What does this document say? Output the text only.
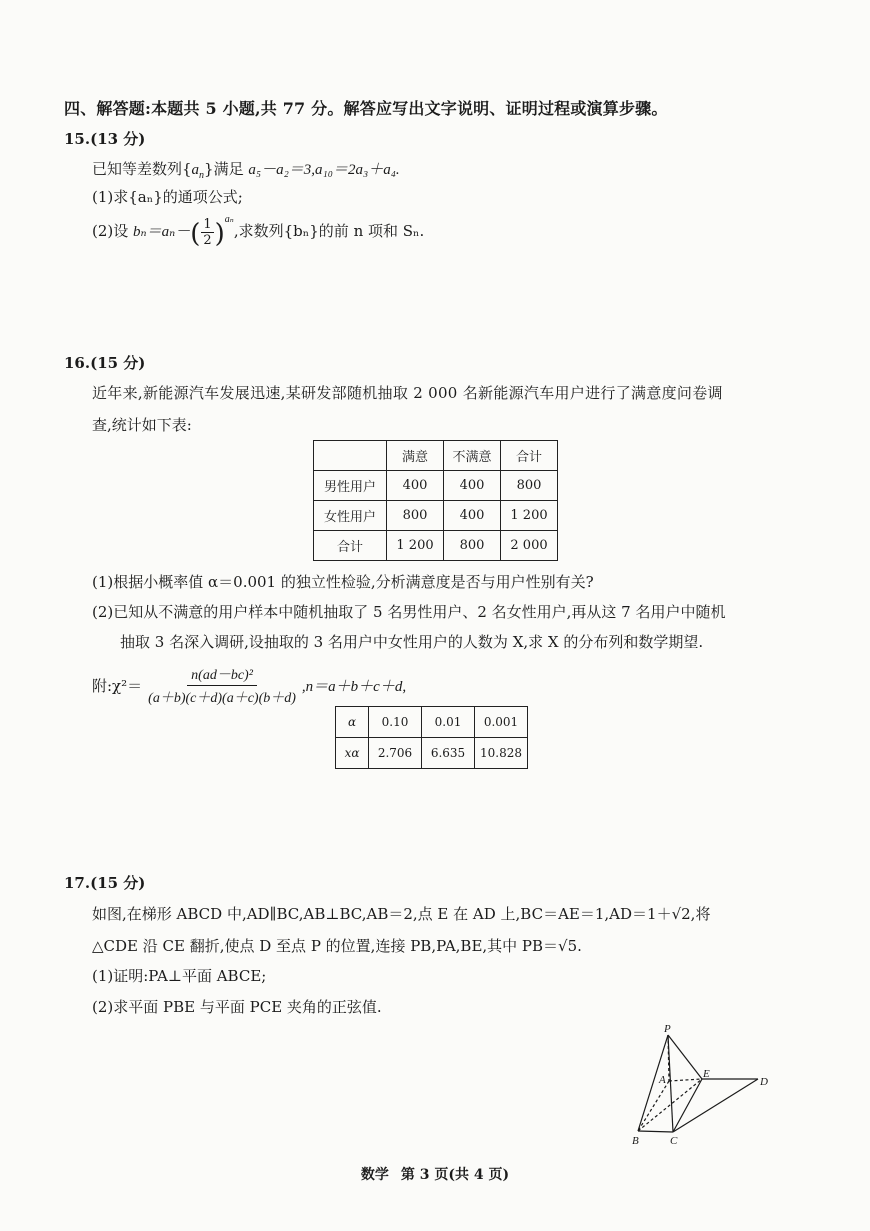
四、解答题:本题共 5 小题,共 77 分。解答应写出文字说明、证明过程或演算步骤。
15.(13 分)
已知等差数列$\{a_n\}$满足 a₅－a₂＝3,a₁₀＝2a₃＋a₄.
(1)求{aₙ}的通项公式;
(2)设 $b_n=a_n-( \frac{1}{2} )^{a_n}$,求数列{bₙ}的前 n 项和 Sₙ.
16.(15 分)
近年来,新能源汽车发展迅速,某研发部随机抽取 2 000 名新能源汽车用户进行了满意度问卷调
查,统计如下表:
	满意	不满意	合计
男性用户	400	400	800
女性用户	800	400	1 200
合计	1 200	800	2 000
(1)根据小概率值 α＝0.001 的独立性检验,分析满意度是否与用户性别有关?
(2)已知从不满意的用户样本中随机抽取了 5 名男性用户、2 名女性用户,再从这 7 名用户中随机
抽取 3 名深入调研,设抽取的 3 名用户中女性用户的人数为 X,求 X 的分布列和数学期望.
附:χ²＝ $\frac{\text{n(ad－bc)²}}{(a+b)(c+d)(a+c)(b+d)} ,n=a+b+c+d$,
α	0.10	0.01	0.001
xα	2.706	6.635	10.828
17.(15 分)
如图,在梯形 ABCD 中,AD∥BC,AB⊥BC,AB＝2,点 E 在 AD 上,BC＝AE＝1,AD＝1＋√2,将
△CDE 沿 CE 翻折,使点 D 至点 P 的位置,连接 PB,PA,BE,其中 PB＝√5.
(1)证明:PA⊥平面 ABCE;
(2)求平面 PBE 与平面 PCE 夹角的正弦值.
P
A	E
D
B	C
数学 第 3 页(共 4 页)
